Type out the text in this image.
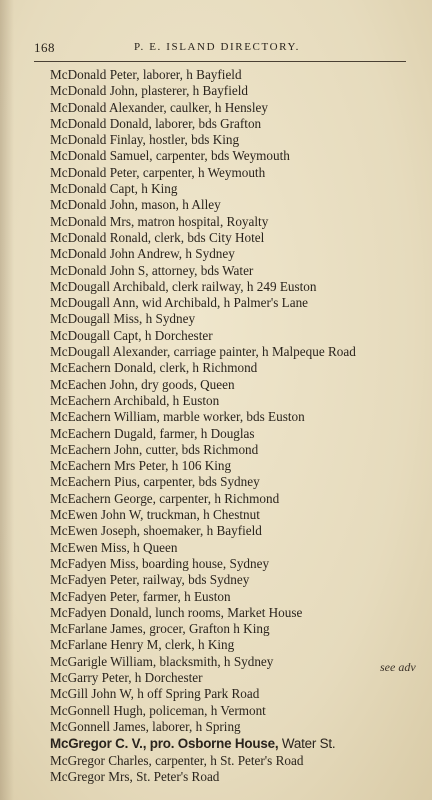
168	P. E. ISLAND DIRECTORY.
McDonald Peter, laborer, h Bayfield
McDonald John, plasterer, h Bayfield
McDonald Alexander, caulker, h Hensley
McDonald Donald, laborer, bds Grafton
McDonald Finlay, hostler, bds King
McDonald Samuel, carpenter, bds Weymouth
McDonald Peter, carpenter, h Weymouth
McDonald Capt, h King
McDonald John, mason, h Alley
McDonald Mrs, matron hospital, Royalty
McDonald Ronald, clerk, bds City Hotel
McDonald John Andrew, h Sydney
McDonald John S, attorney, bds Water
McDougall Archibald, clerk railway, h 249 Euston
McDougall Ann, wid Archibald, h Palmer's Lane
McDougall Miss, h Sydney
McDougall Capt, h Dorchester
McDougall Alexander, carriage painter, h Malpeque Road
McEachern Donald, clerk, h Richmond
McEachen John, dry goods, Queen
McEachern Archibald, h Euston
McEachern William, marble worker, bds Euston
McEachern Dugald, farmer, h Douglas
McEachern John, cutter, bds Richmond
McEachern Mrs Peter, h 106 King
McEachern Pius, carpenter, bds Sydney
McEachern George, carpenter, h Richmond
McEwen John W, truckman, h Chestnut
McEwen Joseph, shoemaker, h Bayfield
McEwen Miss, h Queen
McFadyen Miss, boarding house, Sydney
McFadyen Peter, railway, bds Sydney
McFadyen Peter, farmer, h Euston
McFadyen Donald, lunch rooms, Market House
McFarlane James, grocer, Grafton h King
McFarlane Henry M, clerk, h King
McGarigle William, blacksmith, h Sydney
McGarry Peter, h Dorchester
McGill John W, h off Spring Park Road
McGonnell Hugh, policeman, h Vermont
McGonnell James, laborer, h Spring
McGregor C. V., pro. Osborne House, Water St.
McGregor Charles, carpenter, h St. Peter's Road
McGregor Mrs, St. Peter's Road
see adv
